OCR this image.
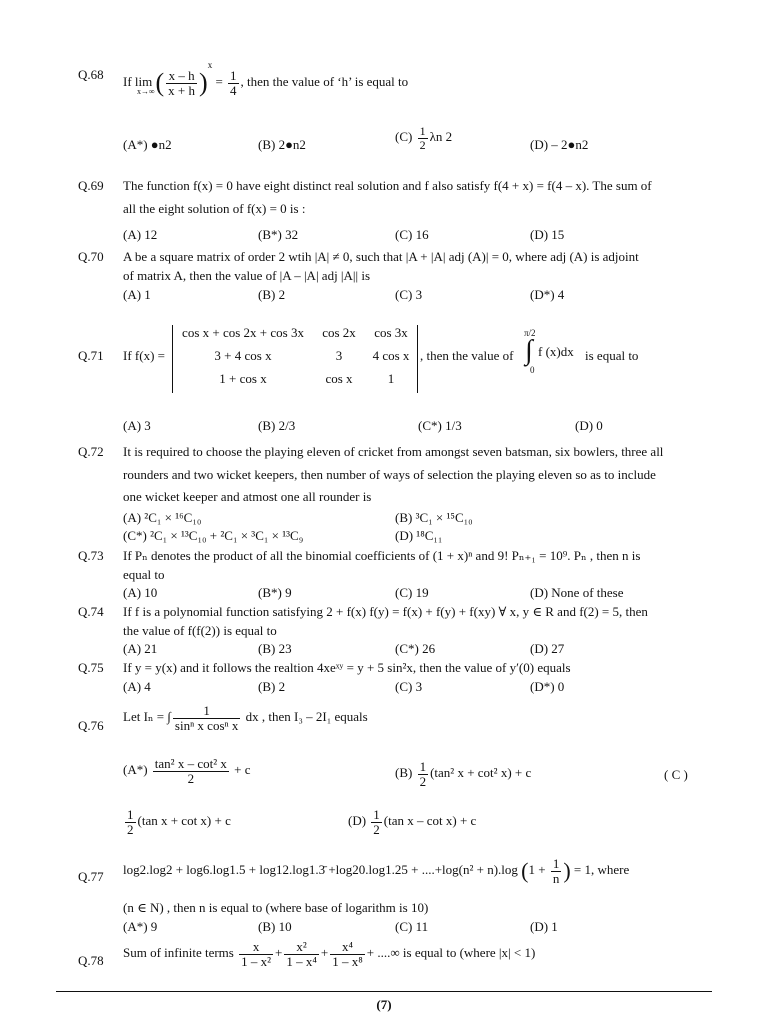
Q.68 If lim ( $\frac{x - h}{x + h} )^x = \frac{1}{4}$ , then the value of ‘h’ is equal to
x→∞
(A*) ●n2	(B) 2●n2
$(C) \frac{1}{2}$ λn 2
(D) – 2●n2
Q.69 The function f(x) = 0 have eight distinct real solution and f also satisfy f(4 + x) = f(4 – x). The sum of
all the eight solution of f(x) = 0 is :
(A) 12	(B*) 32	(C) 16	(D) 15
Q.70 A be a square matrix of order 2 wtih |A| ≠ 0, such that |A + |A| adj (A)| = 0, where adj (A) is adjoint
of matrix A, then the value of |A – |A| adj |A|| is
(A) 1	(B) 2	(C) 3	(D*) 4
Q.71 If f(x) =
cos x + cos 2x + cos 3x	cos 2x	cos 3x
3 + 4 cos x	3	4 cos x
1 + cos x	cos x	1
, then the value of
π/2
∫
0
f (x)dx is equal to
(A) 3	(B) 2/3	(C*) 1/3	(D) 0
Q.72 It is required to choose the playing eleven of cricket from amongst seven batsman, six bowlers, three all
rounders and two wicket keepers, then number of ways of selection the playing eleven so as to include
one wicket keeper and atmost one all rounder is
(A) ²C₁ × ¹⁶C₁₀	(B) ³C₁ × ¹⁵C₁₀
(C*) ²C₁ × ¹³C₁₀ + ²C₁ × ³C₁ × ¹³C₉	(D) ¹⁸C₁₁
Q.73 If Pₙ denotes the product of all the binomial coefficients of (1 + x)ⁿ and 9! Pₙ₊₁ = 10⁹. Pₙ , then n is
equal to
(A) 10	(B*) 9	(C) 19	(D) None of these
Q.74 If f is a polynomial function satisfying 2 + f(x) f(y) = f(x) + f(y) + f(xy) ∀ x, y ∈ R and f(2) = 5, then
the value of f(f(2)) is equal to
(A) 21	(B) 23	(C*) 26	(D) 27
Q.75 If y = y(x) and it follows the realtion 4xeˣʸ = y + 5 sin²x, then the value of y′(0) equals
(A) 4	(B) 2	(C) 3	(D*) 0
Q.76
Let Iₙ = ∫ $\frac{1}{\text{sinⁿ x cosⁿ x}}$ dx , then I₃ – 2I₁ equals
$(A*) \frac{\text{tan² x – cot² x}}{2} + c$	$(B) \frac{1}{2} (\tan^2$ x + cot² x) + c	( C )
$\frac{1}{2} (\tan$ x + cot x) + c	$(D) \frac{1}{2} (\tan$ x – cot x) + c
Q.77 log2.log2 + log6.log1.5 + log12.log1.3̄ +log20.log1.25 + ....+log(n² + n).log ($1 + \frac{1}{n}$ ) = 1, where
(n ∈ N) , then n is equal to (where base of logarithm is 10)
(A*) 9	(B) 10	(C) 11	(D) 1
Q.78
Sum of infinite terms $\frac{x}{\text{1 – x²}} + \frac{\text{x²}}{\text{1 – x⁴}} + \frac{\text{x⁴}}{\text{1 – x⁸}}$ + ....∞ is equal to (where |x| < 1)
(7)
